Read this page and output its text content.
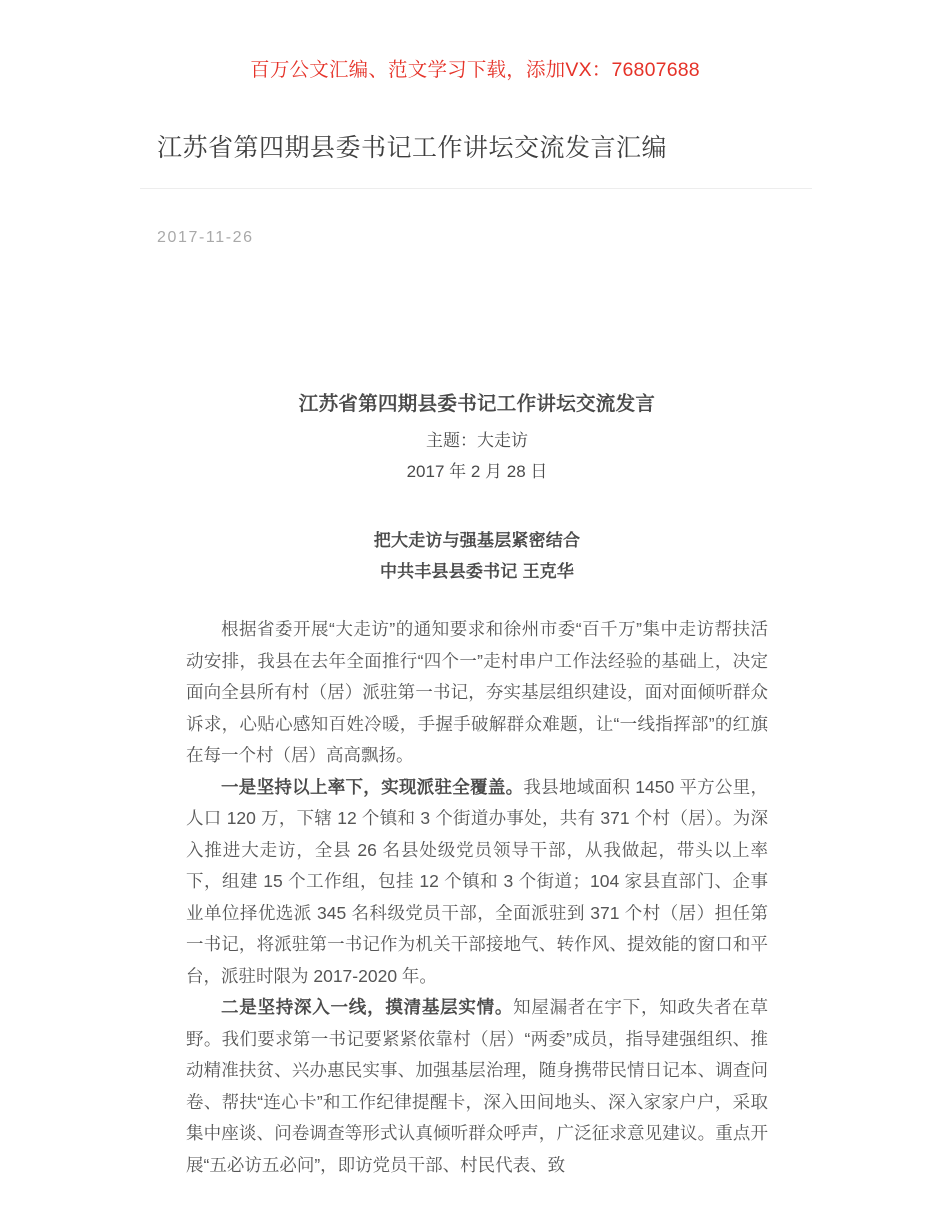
百万公文汇编、范文学习下载，添加VX：76807688
江苏省第四期县委书记工作讲坛交流发言汇编
2017-11-26
江苏省第四期县委书记工作讲坛交流发言
主题：大走访
2017 年 2 月 28 日
把大走访与强基层紧密结合
中共丰县县委书记 王克华

根据省委开展“大走访”的通知要求和徐州市委“百千万”集中走访帮扶活动安排，我县在去年全面推行“四个一”走村串户工作法经验的基础上，决定面向全县所有村（居）派驻第一书记，夯实基层组织建设，面对面倾听群众诉求，心贴心感知百姓冷暖，手握手破解群众难题，让“一线指挥部”的红旗在每一个村（居）高高飘扬。

一是坚持以上率下，实现派驻全覆盖。我县地域面积 1450 平方公里，人口 120 万，下辖 12 个镇和 3 个街道办事处，共有 371 个村（居）。为深入推进大走访，全县 26 名县处级党员领导干部，从我做起，带头以上率下，组建 15 个工作组，包挂 12 个镇和 3 个街道；104 家县直部门、企事业单位择优选派 345 名科级党员干部，全面派驻到 371 个村（居）担任第一书记，将派驻第一书记作为机关干部接地气、转作风、提效能的窗口和平台，派驻时限为 2017-2020 年。

二是坚持深入一线，摸清基层实情。知屋漏者在宇下，知政失者在草野。我们要求第一书记要紧紧依靠村（居）“两委”成员，指导建强组织、推动精准扶贫、兴办惠民实事、加强基层治理，随身携带民情日记本、调查问卷、帮扶“连心卡”和工作纪律提醒卡，深入田间地头、深入家家户户，采取集中座谈、问卷调查等形式认真倾听群众呼声，广泛征求意见建议。重点开展“五必访五必问”，即访党员干部、村民代表、致
